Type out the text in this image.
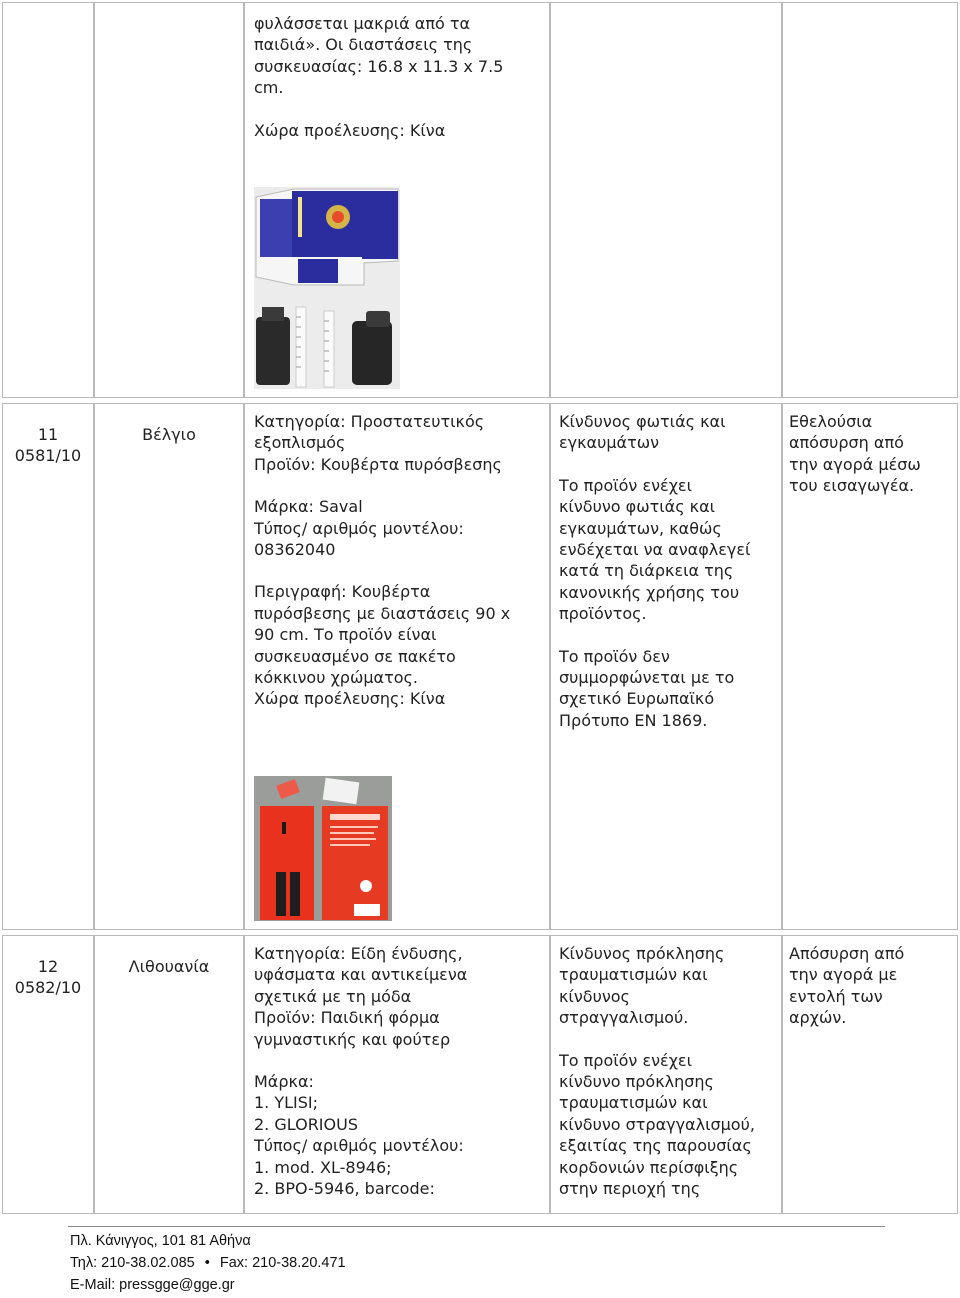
φυλάσσεται μακριά από τα

παιδιά». Οι διαστάσεις της

συσκευασίας: 16.8 x 11.3 x 7.5

cm.

Χώρα προέλευσης: Κίνα

11

0581/10

Βέλγιο

Κατηγορία: Προστατευτικός

εξοπλισμός

Προϊόν: Κουβέρτα πυρόσβεσης

Μάρκα: Saval

Τύπος/ αριθμός μοντέλου:

08362040

Περιγραφή: Κουβέρτα

πυρόσβεσης με διαστάσεις 90 x

90 cm. Το προϊόν είναι

συσκευασμένο σε πακέτο

κόκκινου χρώματος.

Χώρα προέλευσης: Κίνα

Κίνδυνος φωτιάς και

εγκαυμάτων

Το προϊόν ενέχει

κίνδυνο φωτιάς και

εγκαυμάτων, καθώς

ενδέχεται να αναφλεγεί

κατά τη διάρκεια της

κανονικής χρήσης του

προϊόντος.

Το προϊόν δεν

συμμορφώνεται με το

σχετικό Ευρωπαϊκό

Πρότυπο EN 1869.

Εθελούσια

απόσυρση από

την αγορά μέσω

του εισαγωγέα.

12

0582/10

Λιθουανία

Κατηγορία: Είδη ένδυσης,

υφάσματα και αντικείμενα

σχετικά με τη μόδα

Προϊόν: Παιδική φόρμα

γυμναστικής και φούτερ

Μάρκα:

1. YLISI;

2. GLORIOUS

Τύπος/ αριθμός μοντέλου:

1. mod. XL-8946;

2. BPO-5946, barcode:

Κίνδυνος πρόκλησης

τραυματισμών και

κίνδυνος

στραγγαλισμού.

Το προϊόν ενέχει

κίνδυνο πρόκλησης

τραυματισμών και

κίνδυνο στραγγαλισμού,

εξαιτίας της παρουσίας

κορδονιών περίσφιξης

στην περιοχή της

Απόσυρση από

την αγορά με

εντολή των

αρχών.

Πλ. Κάνιγγος, 101 81 Αθήνα
Τηλ: 210-38.02.085 • Fax: 210-38.20.471
E-Mail: pressgge@gge.gr
